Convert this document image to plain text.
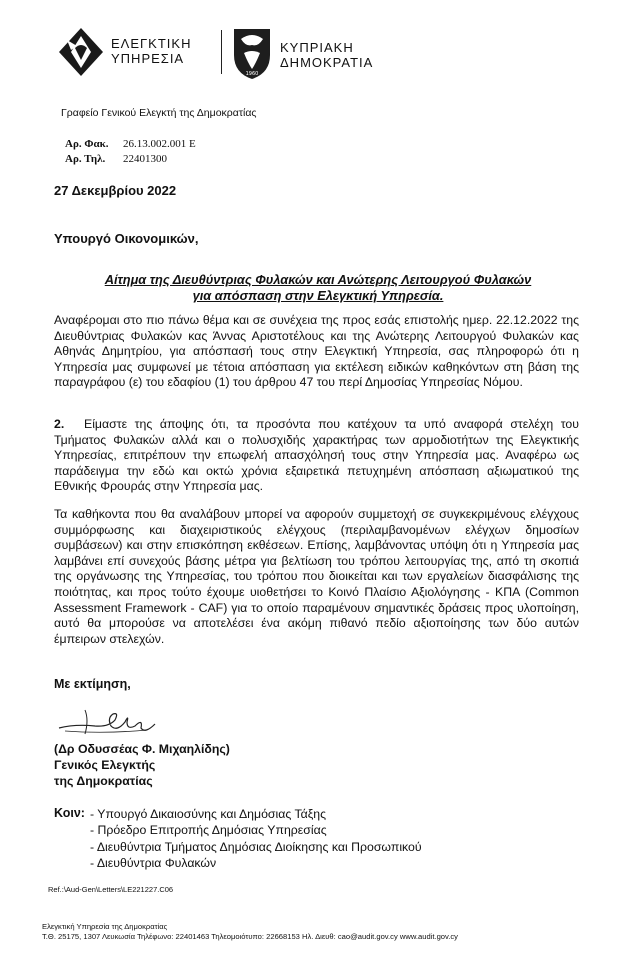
ΕΛΕΓΚΤΙΚΗ
ΥΠΗΡΕΣΙΑ
1960
ΚΥΠΡΙΑΚΗ
ΔΗΜΟΚΡΑΤΙΑ
Γραφείο Γενικού Ελεγκτή της Δημοκρατίας
Αρ. Φακ. 26.13.002.001 Ε
Αρ. Τηλ. 22401300
27 Δεκεμβρίου 2022
Υπουργό Οικονομικών,
Αίτημα της Διευθύντριας Φυλακών και Ανώτερης Λειτουργού Φυλακών
για απόσπαση στην Ελεγκτική Υπηρεσία.
Αναφέρομαι στο πιο πάνω θέμα και σε συνέχεια της προς εσάς επιστολής ημερ. 22.12.2022 της Διευθύντριας Φυλακών κας Άννας Αριστοτέλους και της Ανώτερης Λειτουργού Φυλακών κας Αθηνάς Δημητρίου, για απόσπασή τους στην Ελεγκτική Υπηρεσία, σας πληροφορώ ότι η Υπηρεσία μας συμφωνεί με τέτοια απόσπαση για εκτέλεση ειδικών καθηκόντων στη βάση της παραγράφου (ε) του εδαφίου (1) του άρθρου 47 του περί Δημοσίας Υπηρεσίας Νόμου.
2. Είμαστε της άποψης ότι, τα προσόντα που κατέχουν τα υπό αναφορά στελέχη του Τμήματος Φυλακών αλλά και ο πολυσχιδής χαρακτήρας των αρμοδιοτήτων της Ελεγκτικής Υπηρεσίας, επιτρέπουν την επωφελή απασχόλησή τους στην Υπηρεσία μας. Αναφέρω ως παράδειγμα την εδώ και οκτώ χρόνια εξαιρετικά πετυχημένη απόσπαση αξιωματικού της Εθνικής Φρουράς στην Υπηρεσία μας.
Τα καθήκοντα που θα αναλάβουν μπορεί να αφορούν συμμετοχή σε συγκεκριμένους ελέγχους συμμόρφωσης και διαχειριστικούς ελέγχους (περιλαμβανομένων ελέγχων δημοσίων συμβάσεων) και στην επισκόπηση εκθέσεων. Επίσης, λαμβάνοντας υπόψη ότι η Υπηρεσία μας λαμβάνει επί συνεχούς βάσης μέτρα για βελτίωση του τρόπου λειτουργίας της, από τη σκοπιά της οργάνωσης της Υπηρεσίας, του τρόπου που διοικείται και των εργαλείων διασφάλισης της ποιότητας, και προς τούτο έχουμε υιοθετήσει το Κοινό Πλαίσιο Αξιολόγησης - ΚΠΑ (Common Assessment Framework - CAF) για το οποίο παραμένουν σημαντικές δράσεις προς υλοποίηση, αυτό θα μπορούσε να αποτελέσει ένα ακόμη πιθανό πεδίο αξιοποίησης των δύο αυτών έμπειρων στελεχών.
Με εκτίμηση,
(Δρ Οδυσσέας Φ. Μιχαηλίδης)
Γενικός Ελεγκτής
της Δημοκρατίας
Κοιν:
-	Υπουργό Δικαιοσύνης και Δημόσιας Τάξης
- Πρόεδρο Επιτροπής Δημόσιας Υπηρεσίας
- Διευθύντρια Τμήματος Δημόσιας Διοίκησης και Προσωπικού
- Διευθύντρια Φυλακών
Ref.:\Aud-Gen\Letters\LE221227.C06
Ελεγκτική Υπηρεσία της Δημοκρατίας
Τ.Θ. 25175, 1307 Λευκωσία Τηλέφωνο: 22401463 Τηλεομοιότυπο: 22668153 Ηλ. Διευθ: cao@audit.gov.cy www.audit.gov.cy
